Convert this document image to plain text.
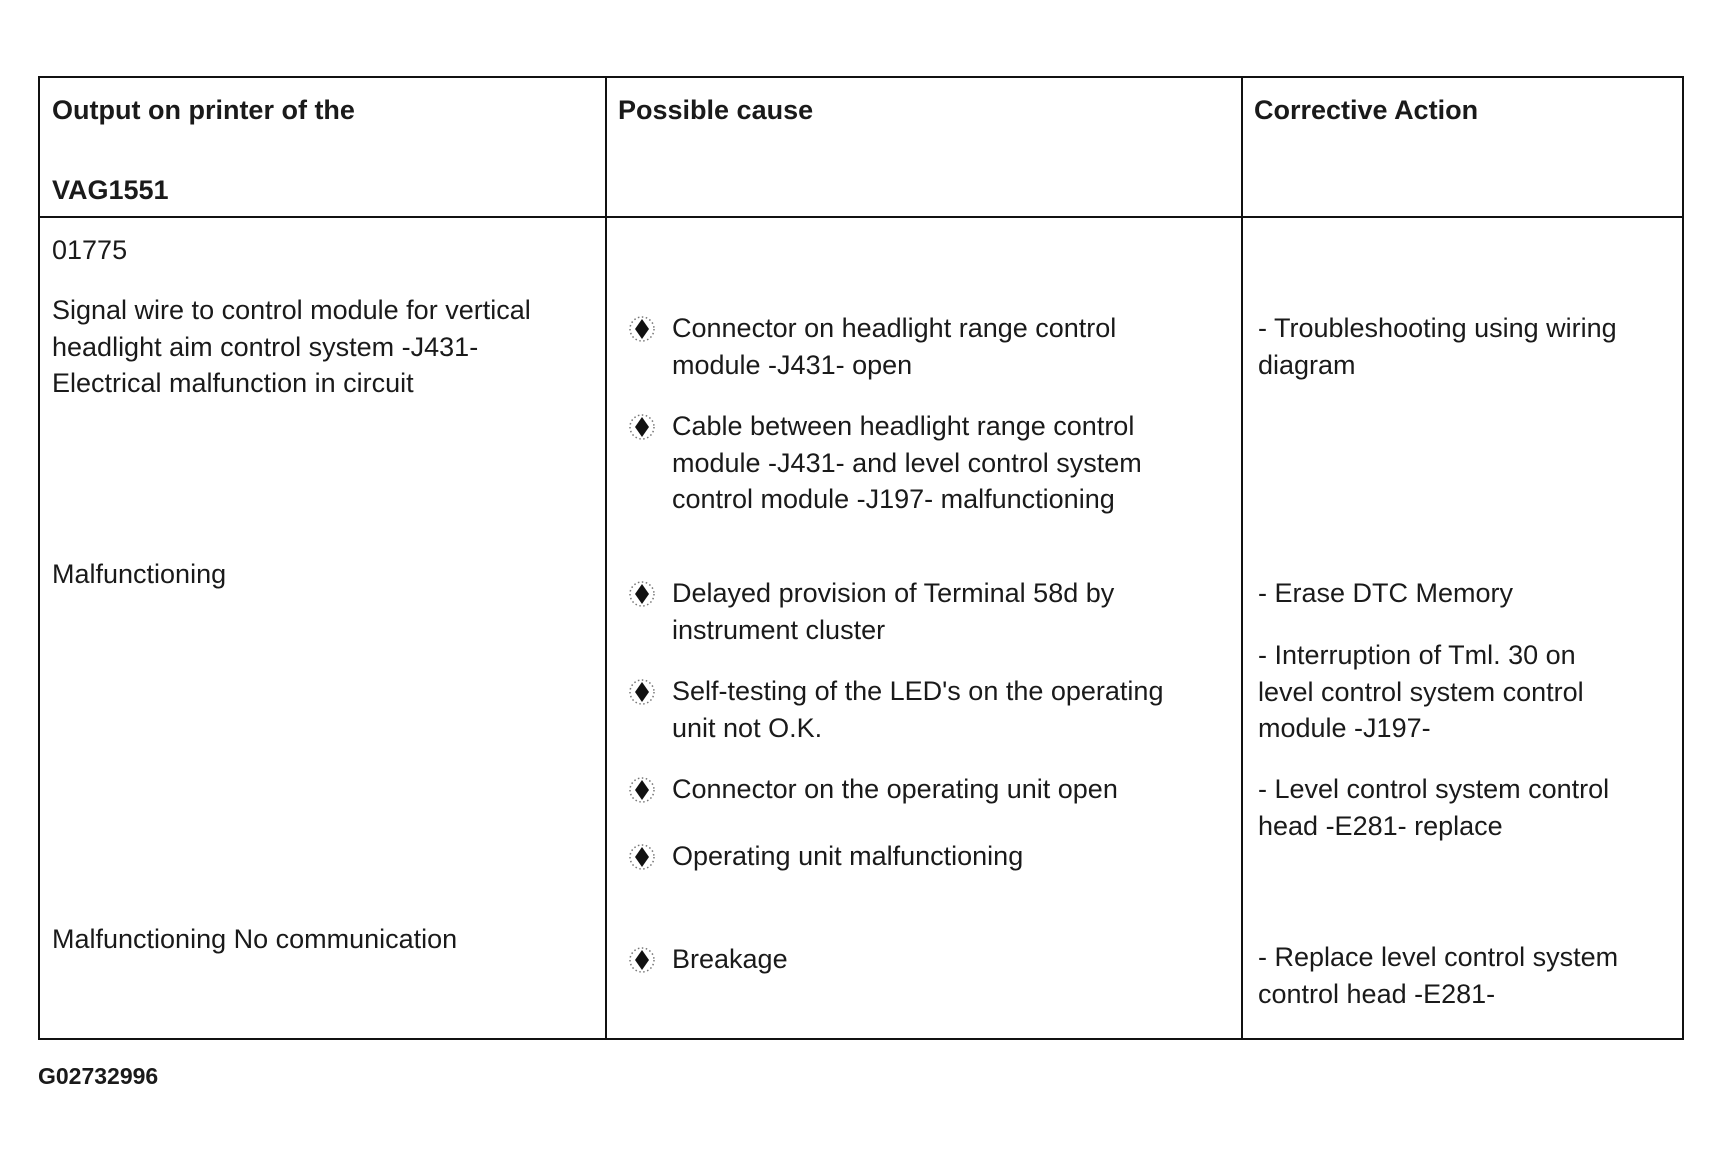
Output on printer of the
VAG1551
Possible cause	Corrective Action
01775
Signal wire to control module for vertical
headlight aim control system -J431-
Electrical malfunction in circuit
Connector on headlight range control
module -J431- open
Cable between headlight range control
module -J431- and level control system
control module -J197- malfunctioning
- Troubleshooting using wiring
diagram
Malfunctioning
Delayed provision of Terminal 58d by
instrument cluster
Self-testing of the LED's on the operating
unit not O.K.
Connector on the operating unit open
Operating unit malfunctioning
- Erase DTC Memory
- Interruption of Tml. 30 on
level control system control
module -J197-
- Level control system control
head -E281- replace
Malfunctioning No communication
Breakage	- Replace level control system
control head -E281-
G02732996
